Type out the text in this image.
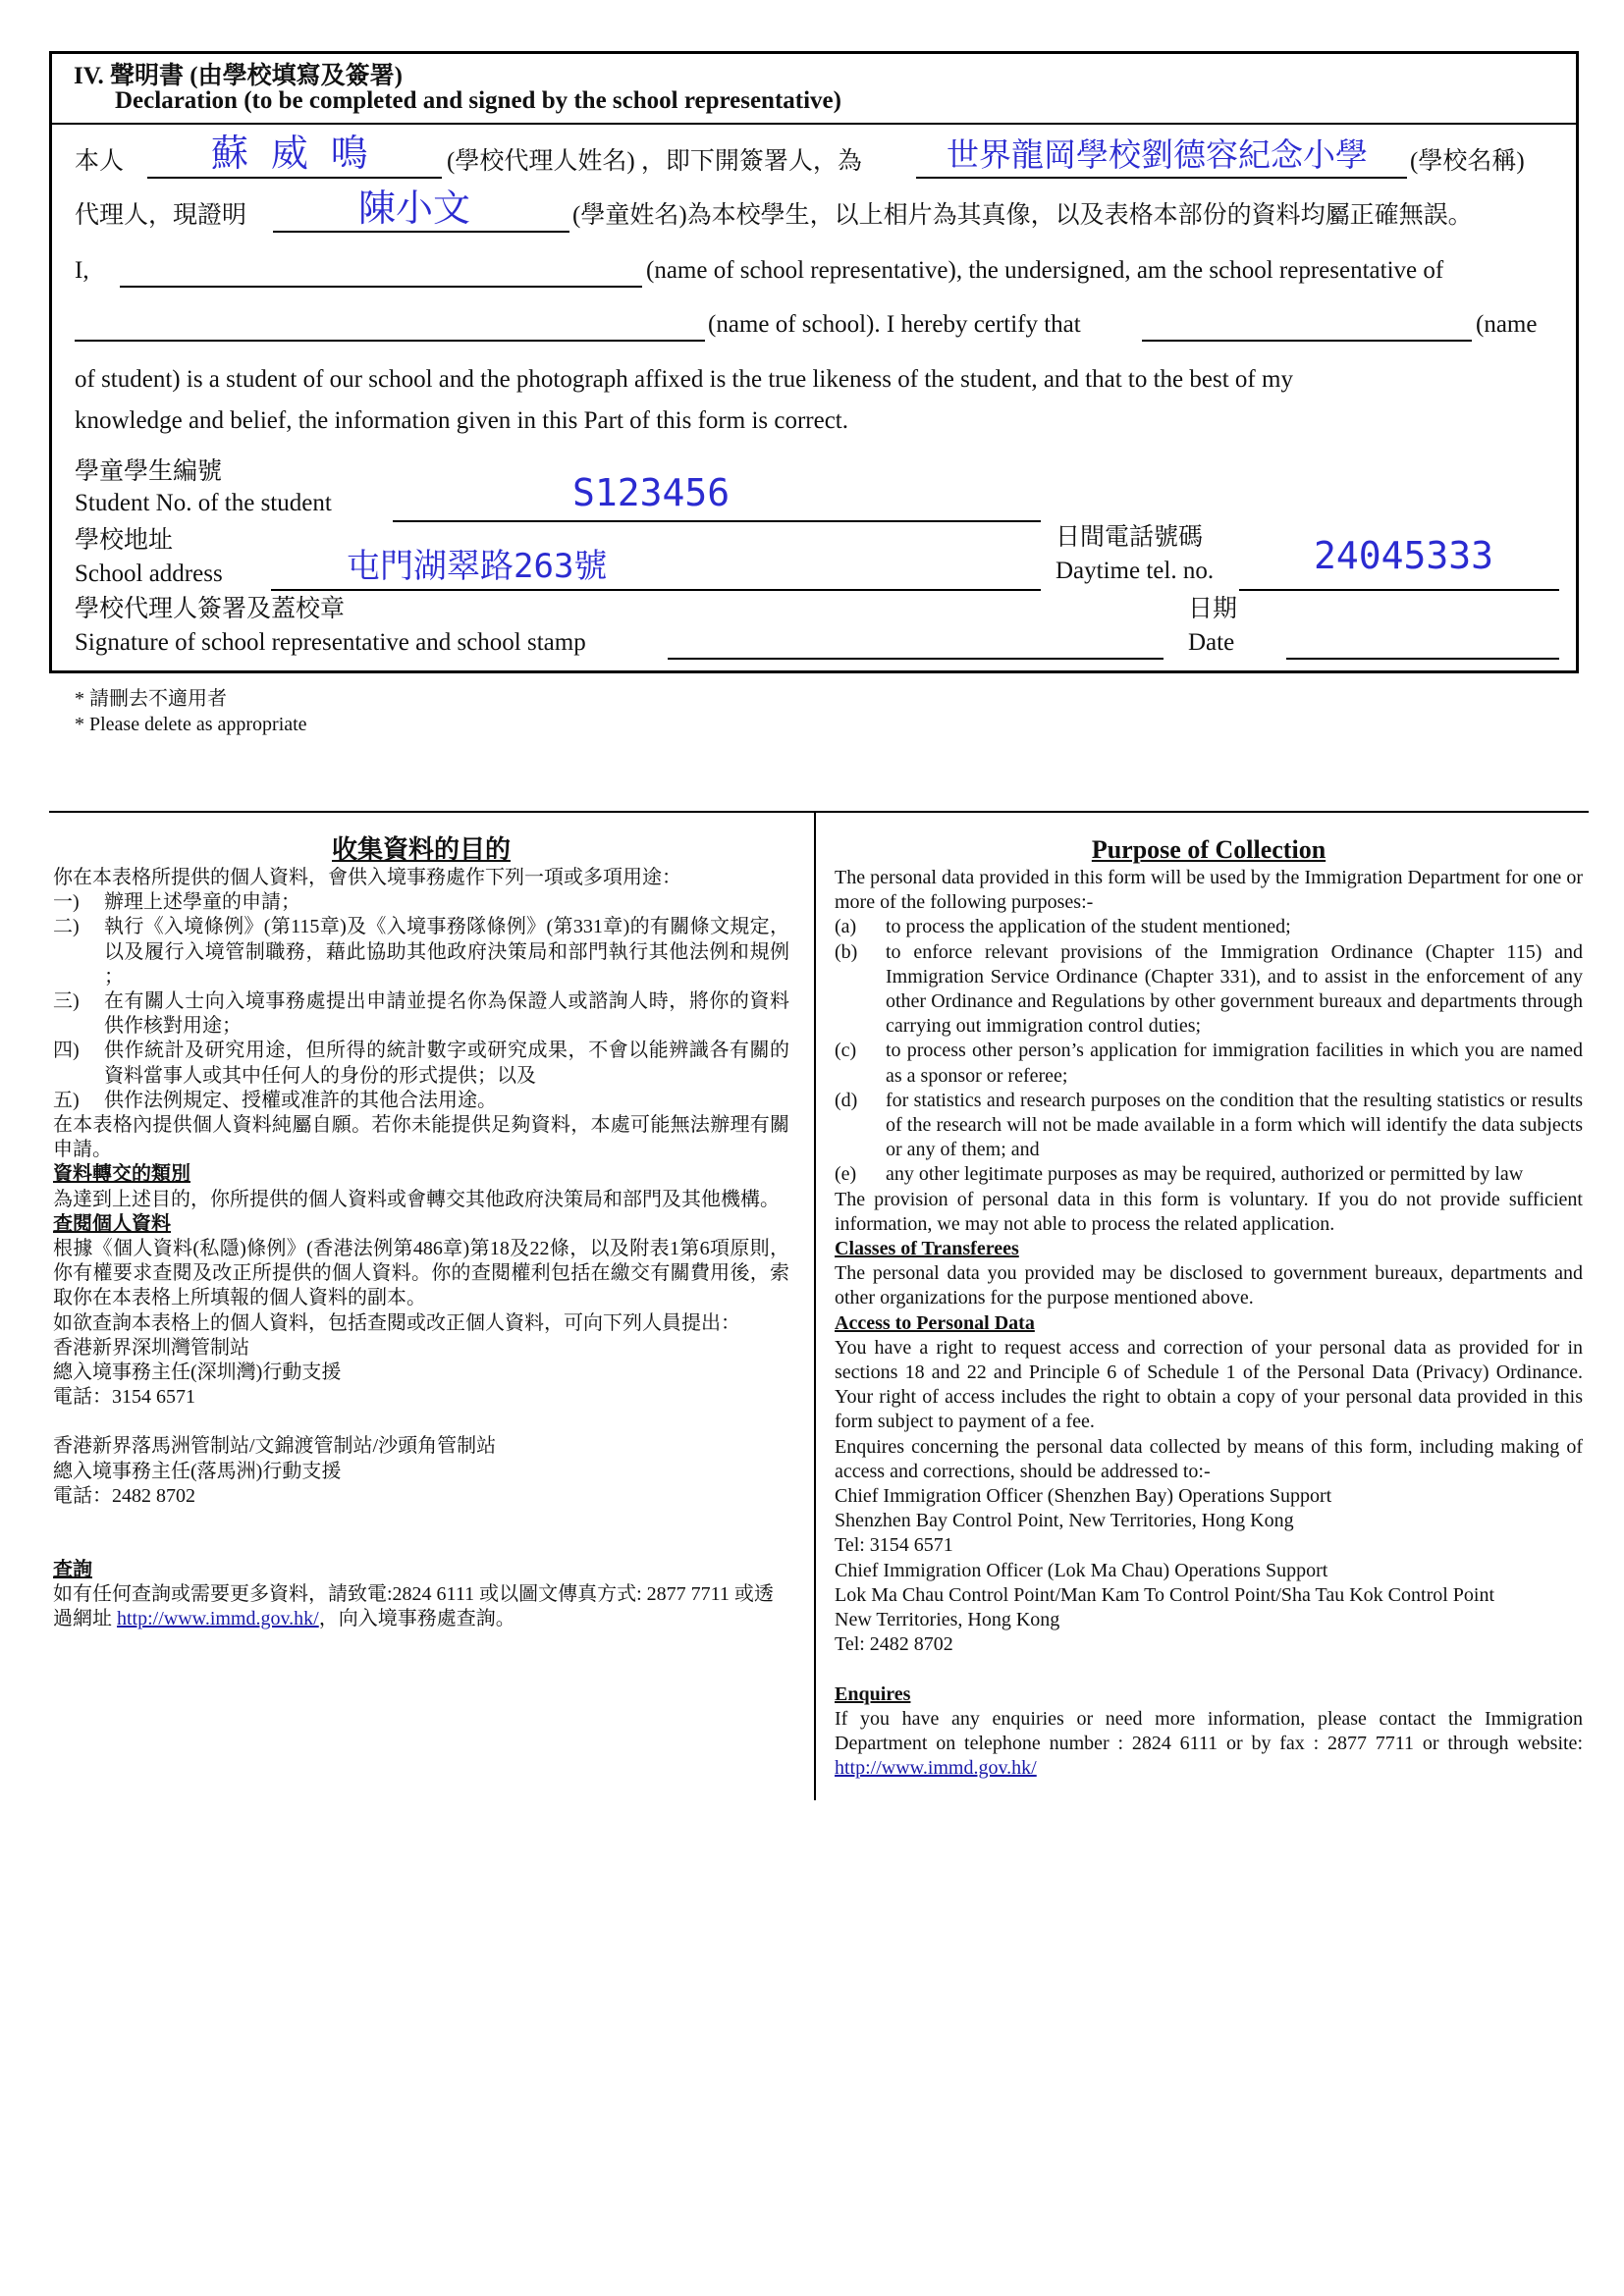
IV. 聲明書 (由學校填寫及簽署)
Declaration (to be completed and signed by the school representative)
本人 蘇 威 鳴	(學校代理人姓名) ，即下開簽署人，為	世界龍岡學校劉德容紀念小學 (學校名稱)
代理人，現證明	陳小文	(學童姓名)為本校學生，以上相片為其真像，以及表格本部份的資料均屬正確無誤。
I,	(name of school representative), the undersigned, am the school representative of
(name of school). I hereby certify that	(name
of student) is a student of our school and the photograph affixed is the true likeness of the student, and that to the best of my
knowledge and belief, the information given in this Part of this form is correct.
學童學生編號
Student No. of the student	S123456
學校地址
School address	屯門湖翠路263號
日間電話號碼
Daytime tel. no.	24045333
學校代理人簽署及蓋校章
Signature of school representative and school stamp
日期
Date
* 請刪去不適用者
* Please delete as appropriate
收集資料的目的

你在本表格所提供的個人資料，會供入境事務處作下列一項或多項用途：

一)	辦理上述學童的申請；
二)	執行《入境條例》(第115章)及《入境事務隊條例》(第331章)的有關條文規定，以及履行入境管制職務，藉此協助其他政府決策局和部門執行其他法例和規例 ；
三)	在有關人士向入境事務處提出申請並提名你為保證人或諮詢人時，將你的資料供作核對用途；
四)	供作統計及研究用途，但所得的統計數字或研究成果，不會以能辨識各有關的資料當事人或其中任何人的身份的形式提供；以及
五)	供作法例規定、授權或准許的其他合法用途。

在本表格內提供個人資料純屬自願。若你未能提供足夠資料，本處可能無法辦理有關申請。

資料轉交的類別

為達到上述目的，你所提供的個人資料或會轉交其他政府決策局和部門及其他機構。

查閱個人資料

根據《個人資料(私隱)條例》(香港法例第486章)第18及22條，以及附表1第6項原則，你有權要求查閱及改正所提供的個人資料。你的查閱權利包括在繳交有關費用後，索取你在本表格上所填報的個人資料的副本。

如欲查詢本表格上的個人資料，包括查閱或改正個人資料，可向下列人員提出：

香港新界深圳灣管制站

總入境事務主任(深圳灣)行動支援

電話：3154 6571

香港新界落馬洲管制站/文錦渡管制站/沙頭角管制站

總入境事務主任(落馬洲)行動支援

電話：2482 8702

查詢

如有任何查詢或需要更多資料，請致電:2824 6111 或以圖文傳真方式: 2877 7711 或透過網址 http://www.immd.gov.hk/，向入境事務處查詢。

Purpose of Collection

The personal data provided in this form will be used by the Immigration Department for one or more of the following purposes:-

(a)	to process the application of the student mentioned;
(b)	to enforce relevant provisions of the Immigration Ordinance (Chapter 115) and Immigration Service Ordinance (Chapter 331), and to assist in the enforcement of any other Ordinance and Regulations by other government bureaux and departments through carrying out immigration control duties;
(c)	to process other person’s application for immigration facilities in which you are named as a sponsor or referee;
(d)	for statistics and research purposes on the condition that the resulting statistics or results of the research will not be made available in a form which will identify the data subjects or any of them; and
(e)	any other legitimate purposes as may be required, authorized or permitted by law

The provision of personal data in this form is voluntary. If you do not provide sufficient information, we may not able to process the related application.

Classes of Transferees

The personal data you provided may be disclosed to government bureaux, departments and other organizations for the purpose mentioned above.

Access to Personal Data

You have a right to request access and correction of your personal data as provided for in sections 18 and 22 and Principle 6 of Schedule 1 of the Personal Data (Privacy) Ordinance. Your right of access includes the right to obtain a copy of your personal data provided in this form subject to payment of a fee.

Enquires concerning the personal data collected by means of this form, including making of access and corrections, should be addressed to:-

Chief Immigration Officer (Shenzhen Bay) Operations Support

Shenzhen Bay Control Point, New Territories, Hong Kong

Tel: 3154 6571

Chief Immigration Officer (Lok Ma Chau) Operations Support

Lok Ma Chau Control Point/Man Kam To Control Point/Sha Tau Kok Control Point

New Territories, Hong Kong

Tel: 2482 8702

Enquires

If you have any enquiries or need more information, please contact the Immigration Department on telephone number : 2824 6111 or by fax : 2877 7711 or through website: http://www.immd.gov.hk/
